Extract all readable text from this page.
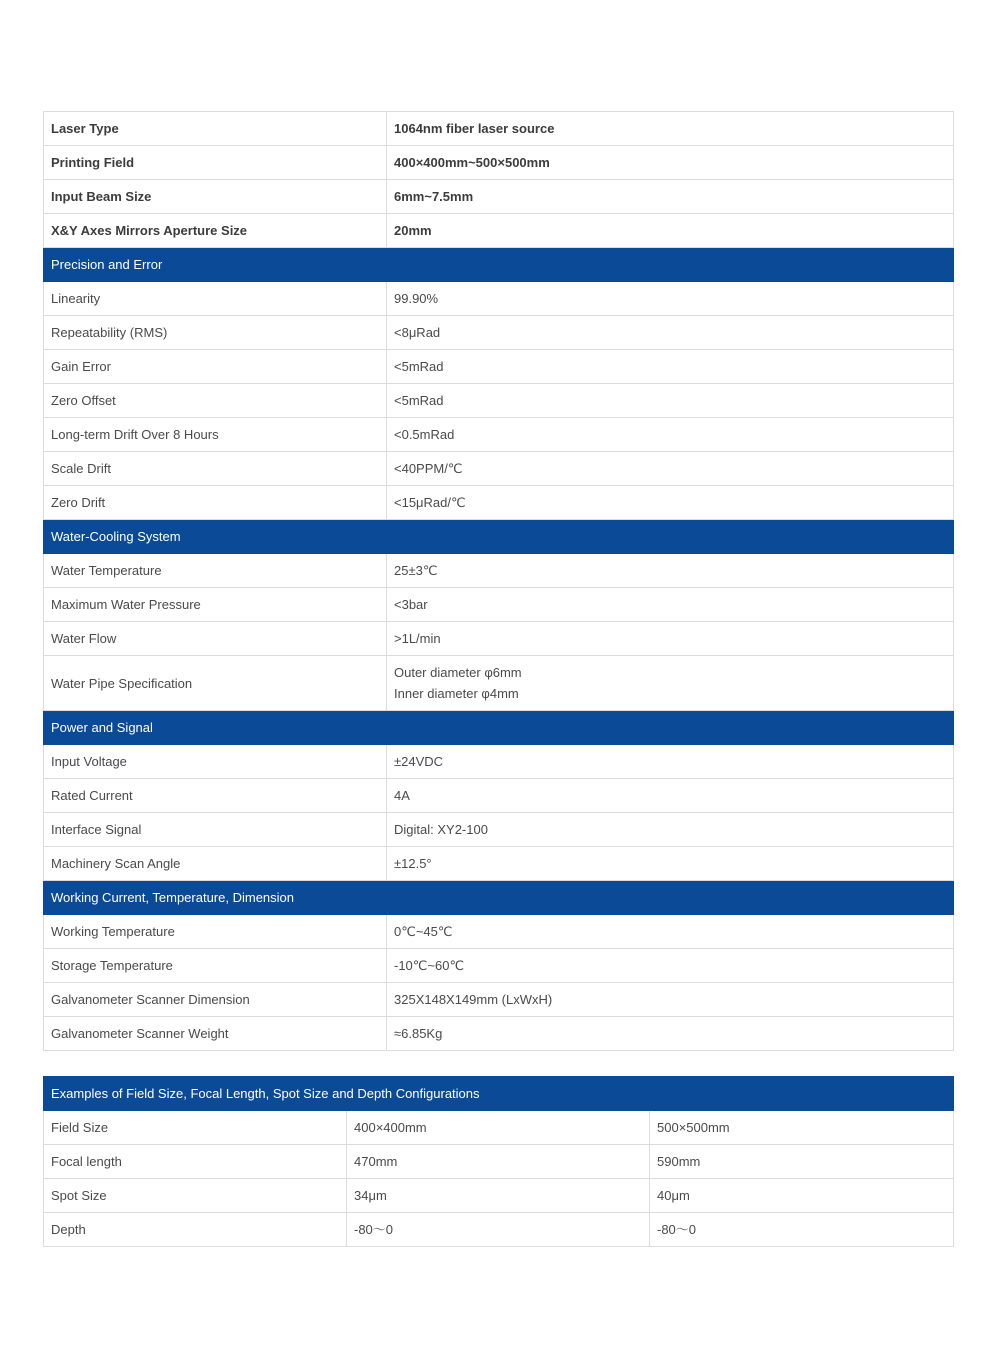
Laser Type	1064nm fiber laser source
Printing Field	400×400mm~500×500mm
Input Beam Size	6mm~7.5mm
X&Y Axes Mirrors Aperture Size	20mm
Precision and Error	
Linearity	99.90%
Repeatability (RMS)	<8μRad
Gain Error	<5mRad
Zero Offset	<5mRad
Long-term Drift Over 8 Hours	<0.5mRad
Scale Drift	<40PPM/℃
Zero Drift	<15μRad/℃
Water-Cooling System	
Water Temperature	25±3℃
Maximum Water Pressure	<3bar
Water Flow	>1L/min
Water Pipe Specification	Outer diameter φ6mm
Inner diameter φ4mm

Power and Signal	
Input Voltage	±24VDC
Rated Current	4A
Interface Signal	Digital: XY2-100
Machinery Scan Angle	±12.5°
Working Current, Temperature, Dimension	
Working Temperature	0℃~45℃
Storage Temperature	-10℃~60℃
Galvanometer Scanner Dimension	325X148X149mm (LxWxH)
Galvanometer Scanner Weight	≈6.85Kg
Examples of Field Size, Focal Length, Spot Size and Depth Configurations		
Field Size	400×400mm	500×500mm
Focal length	470mm	590mm
Spot Size	34μm	40μm
Depth	-80～0	-80～0
